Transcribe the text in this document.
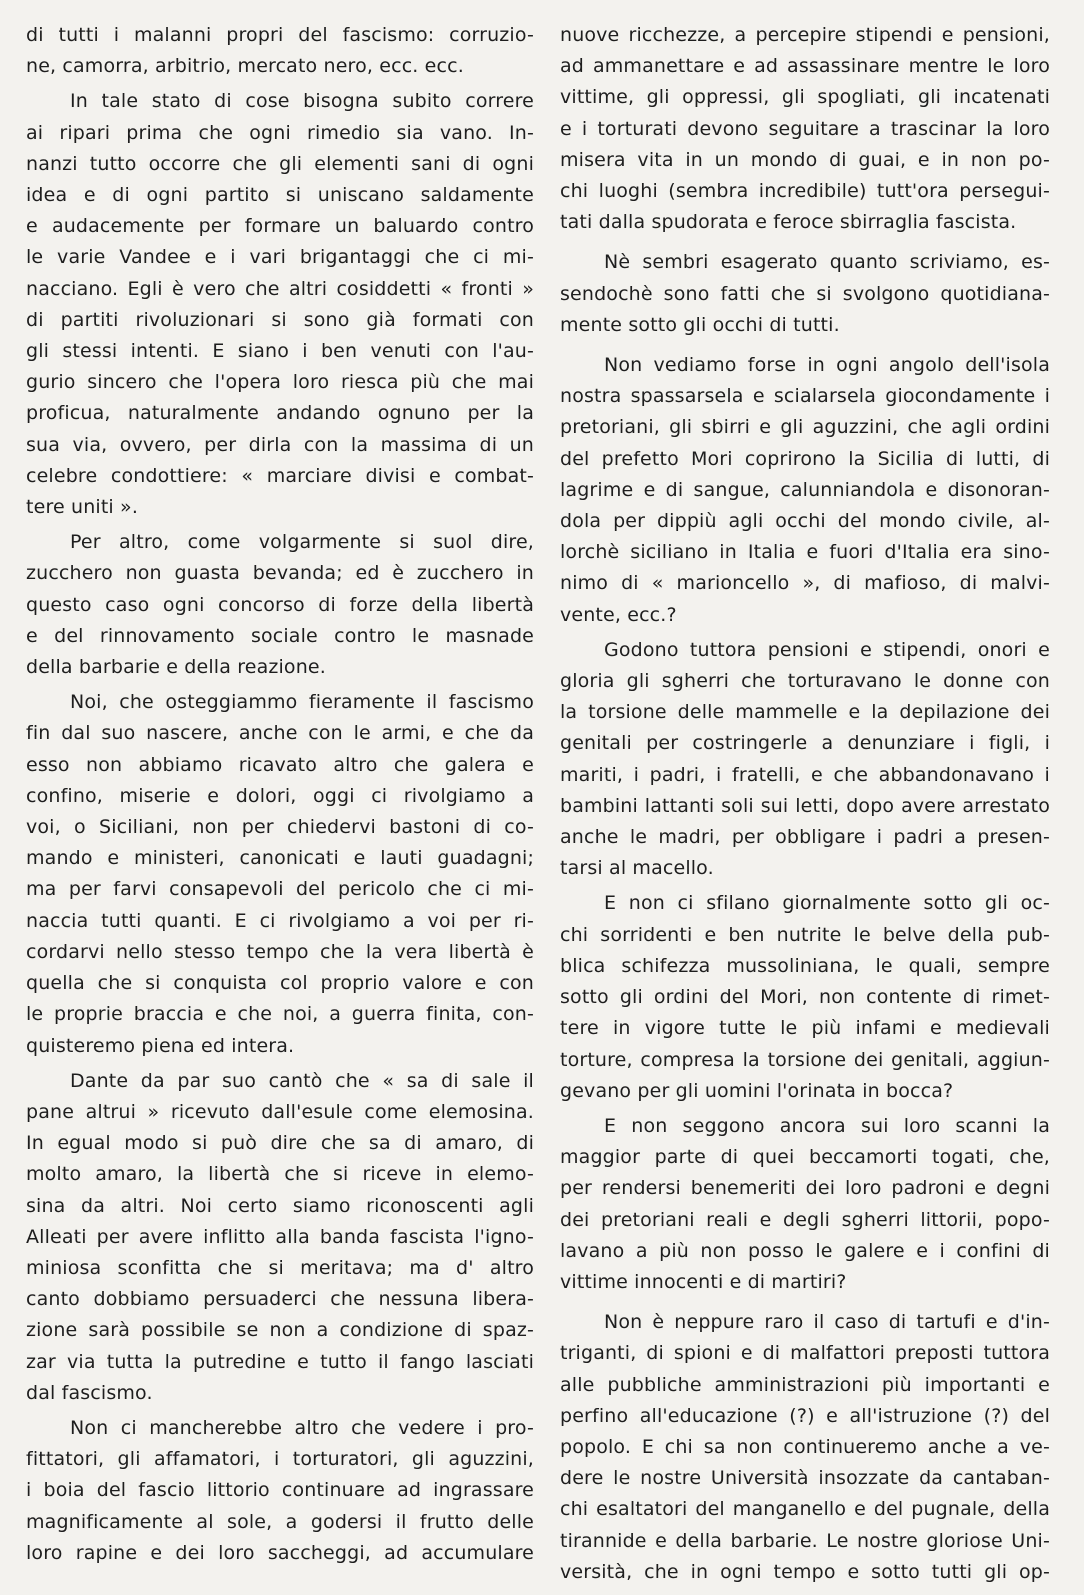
di tutti i malanni propri del fascismo: corruzio-
ne, camorra, arbitrio, mercato nero, ecc. ecc.
In tale stato di cose bisogna subito correre
ai ripari prima che ogni rimedio sia vano. In-
nanzi tutto occorre che gli elementi sani di ogni
idea e di ogni partito si uniscano saldamente
e audacemente per formare un baluardo contro
le varie Vandee e i vari brigantaggi che ci mi-
nacciano. Egli è vero che altri cosiddetti « fronti »
di partiti rivoluzionari si sono già formati con
gli stessi intenti. E siano i ben venuti con l'au-
gurio sincero che l'opera loro riesca più che mai
proficua, naturalmente andando ognuno per la
sua via, ovvero, per dirla con la massima di un
celebre condottiere: « marciare divisi e combat-
tere uniti ».
Per altro, come volgarmente si suol dire,
zucchero non guasta bevanda; ed è zucchero in
questo caso ogni concorso di forze della libertà
e del rinnovamento sociale contro le masnade
della barbarie e della reazione.
Noi, che osteggiammo fieramente il fascismo
fin dal suo nascere, anche con le armi, e che da
esso non abbiamo ricavato altro che galera e
confino, miserie e dolori, oggi ci rivolgiamo a
voi, o Siciliani, non per chiedervi bastoni di co-
mando e ministeri, canonicati e lauti guadagni;
ma per farvi consapevoli del pericolo che ci mi-
naccia tutti quanti. E ci rivolgiamo a voi per ri-
cordarvi nello stesso tempo che la vera libertà è
quella che si conquista col proprio valore e con
le proprie braccia e che noi, a guerra finita, con-
quisteremo piena ed intera.
Dante da par suo cantò che « sa di sale il
pane altrui » ricevuto dall'esule come elemosina.
In egual modo si può dire che sa di amaro, di
molto amaro, la libertà che si riceve in elemo-
sina da altri. Noi certo siamo riconoscenti agli
Alleati per avere inflitto alla banda fascista l'igno-
miniosa sconfitta che si meritava; ma d' altro
canto dobbiamo persuaderci che nessuna libera-
zione sarà possibile se non a condizione di spaz-
zar via tutta la putredine e tutto il fango lasciati
dal fascismo.
Non ci mancherebbe altro che vedere i pro-
fittatori, gli affamatori, i torturatori, gli aguzzini,
i boia del fascio littorio continuare ad ingrassare
magnificamente al sole, a godersi il frutto delle
loro rapine e dei loro saccheggi, ad accumulare
nuove ricchezze, a percepire stipendi e pensioni,
ad ammanettare e ad assassinare mentre le loro
vittime, gli oppressi, gli spogliati, gli incatenati
e i torturati devono seguitare a trascinar la loro
misera vita in un mondo di guai, e in non po-
chi luoghi (sembra incredibile) tutt'ora persegui-
tati dalla spudorata e feroce sbirraglia fascista.
Nè sembri esagerato quanto scriviamo, es-
sendochè sono fatti che si svolgono quotidiana-
mente sotto gli occhi di tutti.
Non vediamo forse in ogni angolo dell'isola
nostra spassarsela e scialarsela giocondamente i
pretoriani, gli sbirri e gli aguzzini, che agli ordini
del prefetto Mori coprirono la Sicilia di lutti, di
lagrime e di sangue, calunniandola e disonoran-
dola per dippiù agli occhi del mondo civile, al-
lorchè siciliano in Italia e fuori d'Italia era sino-
nimo di « marioncello », di mafioso, di malvi-
vente, ecc.?
Godono tuttora pensioni e stipendi, onori e
gloria gli sgherri che torturavano le donne con
la torsione delle mammelle e la depilazione dei
genitali per costringerle a denunziare i figli, i
mariti, i padri, i fratelli, e che abbandonavano i
bambini lattanti soli sui letti, dopo avere arrestato
anche le madri, per obbligare i padri a presen-
tarsi al macello.
E non ci sfilano giornalmente sotto gli oc-
chi sorridenti e ben nutrite le belve della pub-
blica schifezza mussoliniana, le quali, sempre
sotto gli ordini del Mori, non contente di rimet-
tere in vigore tutte le più infami e medievali
torture, compresa la torsione dei genitali, aggiun-
gevano per gli uomini l'orinata in bocca?
E non seggono ancora sui loro scanni la
maggior parte di quei beccamorti togati, che,
per rendersi benemeriti dei loro padroni e degni
dei pretoriani reali e degli sgherri littorii, popo-
lavano a più non posso le galere e i confini di
vittime innocenti e di martiri?
Non è neppure raro il caso di tartufi e d'in-
triganti, di spioni e di malfattori preposti tuttora
alle pubbliche amministrazioni più importanti e
perfino all'educazione (?) e all'istruzione (?) del
popolo. E chi sa non continueremo anche a ve-
dere le nostre Università insozzate da cantaban-
chi esaltatori del manganello e del pugnale, della
tirannide e della barbarie. Le nostre gloriose Uni-
versità, che in ogni tempo e sotto tutti gli op-
